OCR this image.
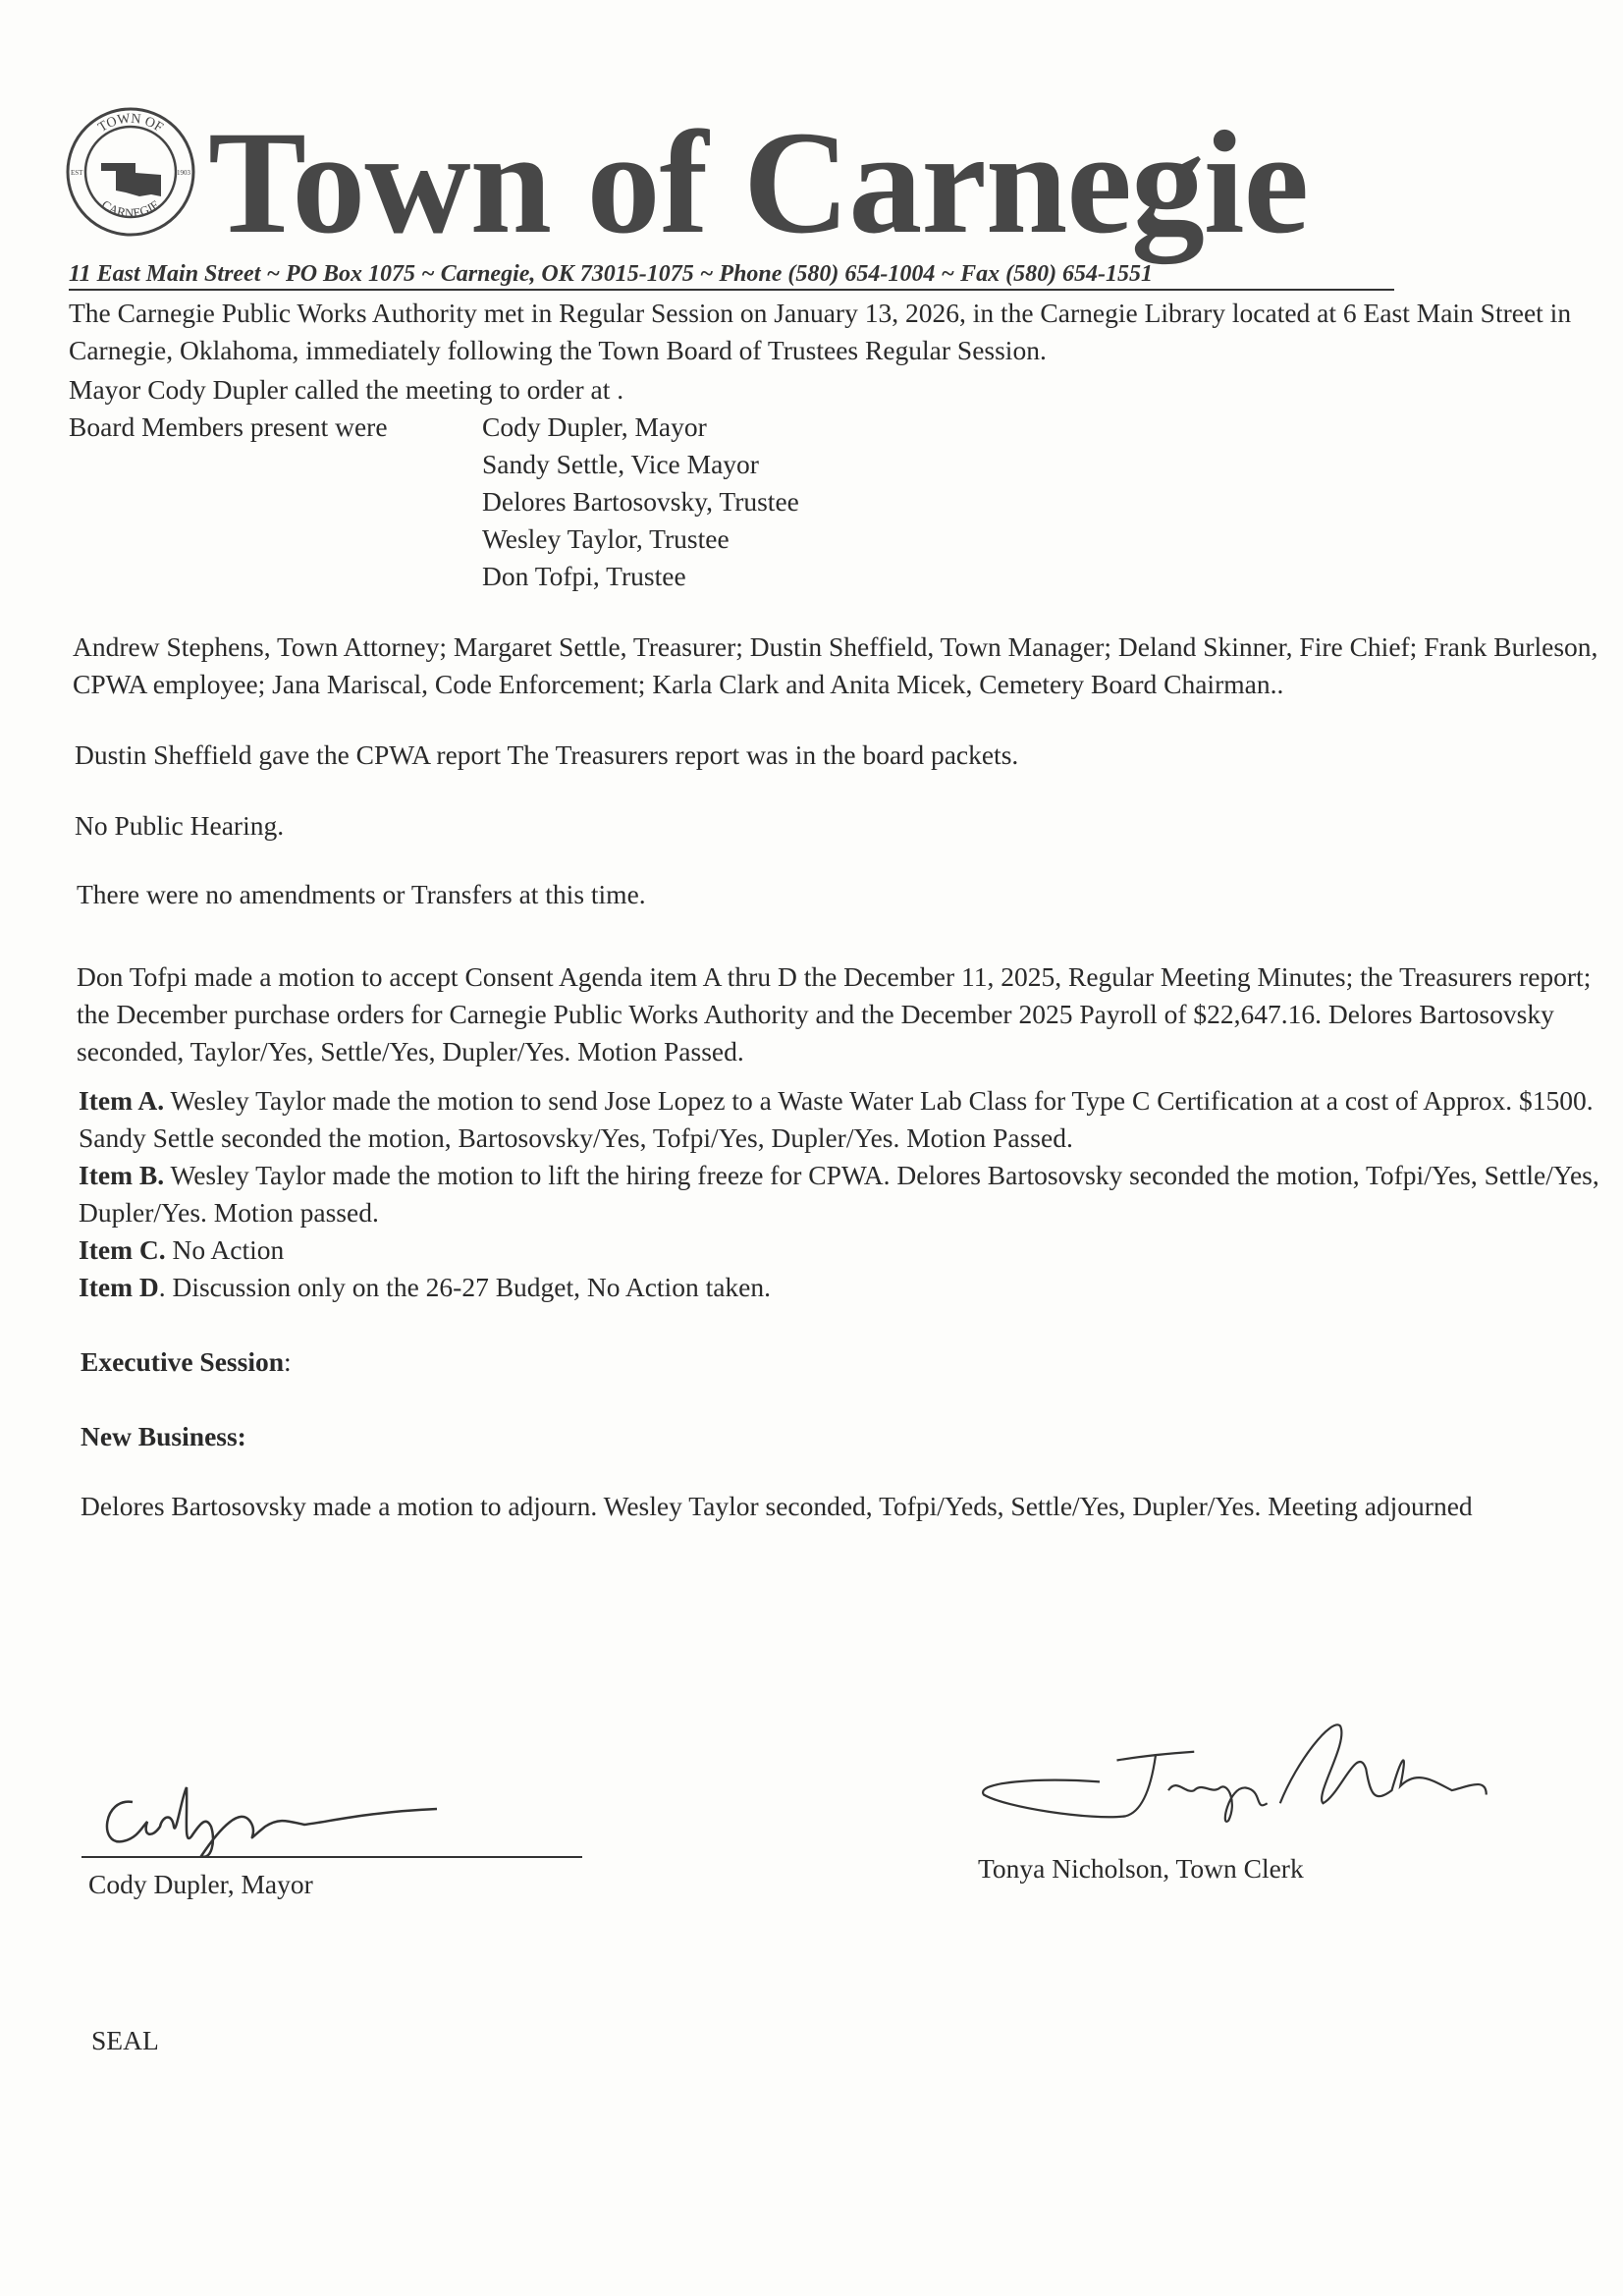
TOWN OF
CARNEGIE
EST	1903 Town of Carnegie
11 East Main Street ~ PO Box 1075 ~ Carnegie, OK 73015-1075 ~ Phone (580) 654-1004 ~ Fax (580) 654-1551
The Carnegie Public Works Authority met in Regular Session on January 13, 2026, in the Carnegie Library located at 6 East Main Street in Carnegie, Oklahoma, immediately following the Town Board of Trustees Regular Session.
Mayor Cody Dupler called the meeting to order at .
Board Members present were	Cody Dupler, Mayor
Sandy Settle, Vice Mayor
Delores Bartosovsky, Trustee
Wesley Taylor, Trustee
Don Tofpi, Trustee
Andrew Stephens, Town Attorney; Margaret Settle, Treasurer; Dustin Sheffield, Town Manager; Deland Skinner, Fire Chief; Frank Burleson, CPWA employee; Jana Mariscal, Code Enforcement; Karla Clark and Anita Micek, Cemetery Board Chairman..
Dustin Sheffield gave the CPWA report The Treasurers report was in the board packets.
No Public Hearing.
There were no amendments or Transfers at this time.
Don Tofpi made a motion to accept Consent Agenda item A thru D the December 11, 2025, Regular Meeting Minutes; the Treasurers report; the December purchase orders for Carnegie Public Works Authority and the December 2025 Payroll of $22,647.16. Delores Bartosovsky seconded, Taylor/Yes, Settle/Yes, Dupler/Yes. Motion Passed.
Item A. Wesley Taylor made the motion to send Jose Lopez to a Waste Water Lab Class for Type C Certification at a cost of Approx. $1500. Sandy Settle seconded the motion, Bartosovsky/Yes, Tofpi/Yes, Dupler/Yes. Motion Passed.
Item B. Wesley Taylor made the motion to lift the hiring freeze for CPWA. Delores Bartosovsky seconded the motion, Tofpi/Yes, Settle/Yes, Dupler/Yes. Motion passed.
Item C. No Action
Item D. Discussion only on the 26-27 Budget, No Action taken.
Executive Session:
New Business:
Delores Bartosovsky made a motion to adjourn. Wesley Taylor seconded, Tofpi/Yeds, Settle/Yes, Dupler/Yes. Meeting adjourned
Cody Dupler, Mayor
Tonya Nicholson, Town Clerk
SEAL
